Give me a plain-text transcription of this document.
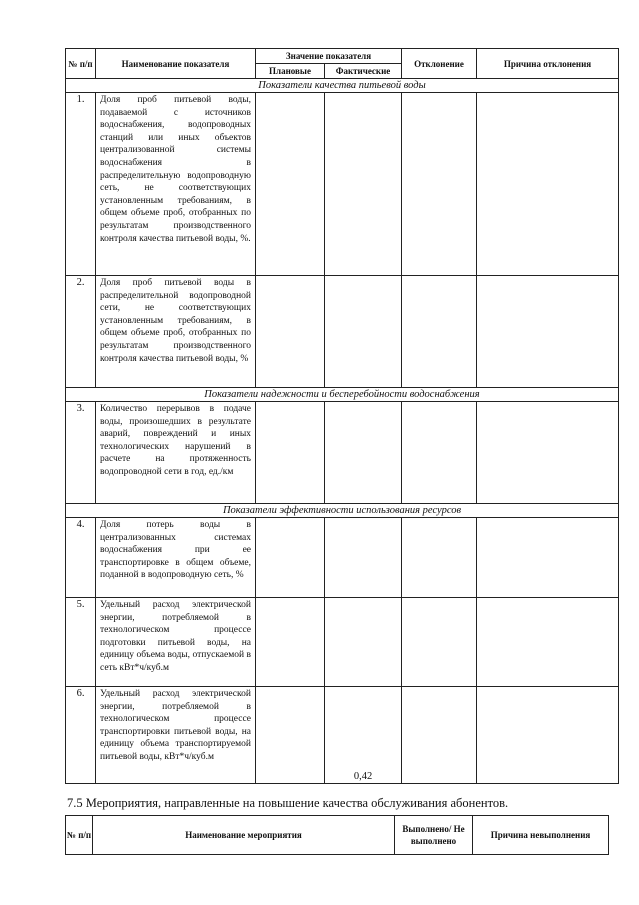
№ п/п	Наименование показателя	Значение показателя		Отклонение	Причина отклонения
		Плановые	Фактические		
Показатели качества питьевой воды					
1.	Доля проб питьевой воды, подаваемой с источников водоснабжения, водопроводных станций или иных объектов централизованной системы водоснабжения в распределительную водопроводную сеть, не соответствующих установленным требованиям, в общем объеме проб, отобранных по результатам производственного контроля качества питьевой воды, %.				
2.	Доля проб питьевой воды в распределительной водопроводной сети, не соответствующих установленным требованиям, в общем объеме проб, отобранных по результатам производственного контроля качества питьевой воды, %				
Показатели надежности и бесперебойности водоснабжения					
3.	Количество перерывов в подаче воды, произошедших в результате аварий, повреждений и иных технологических нарушений в расчете на протяженность водопроводной сети в год, ед./км				
Показатели эффективности использования ресурсов					
4.	Доля потерь воды в централизованных системах водоснабжения при ее транспортировке в общем объеме, поданной в водопроводную сеть, %				
5.	Удельный расход электрической энергии, потребляемой в технологическом процессе подготовки питьевой воды, на единицу объема воды, отпускаемой в сеть кВт*ч/куб.м				
6.	Удельный расход электрической энергии, потребляемой в технологическом процессе транспортировки питьевой воды, на единицу объема транспортируемой питьевой воды, кВт*ч/куб.м		0,42		
7.5 Мероприятия, направленные на повышение качества обслуживания абонентов.
№ п/п	Наименование мероприятия	Выполнено/ Не выполнено	Причина невыполнения
